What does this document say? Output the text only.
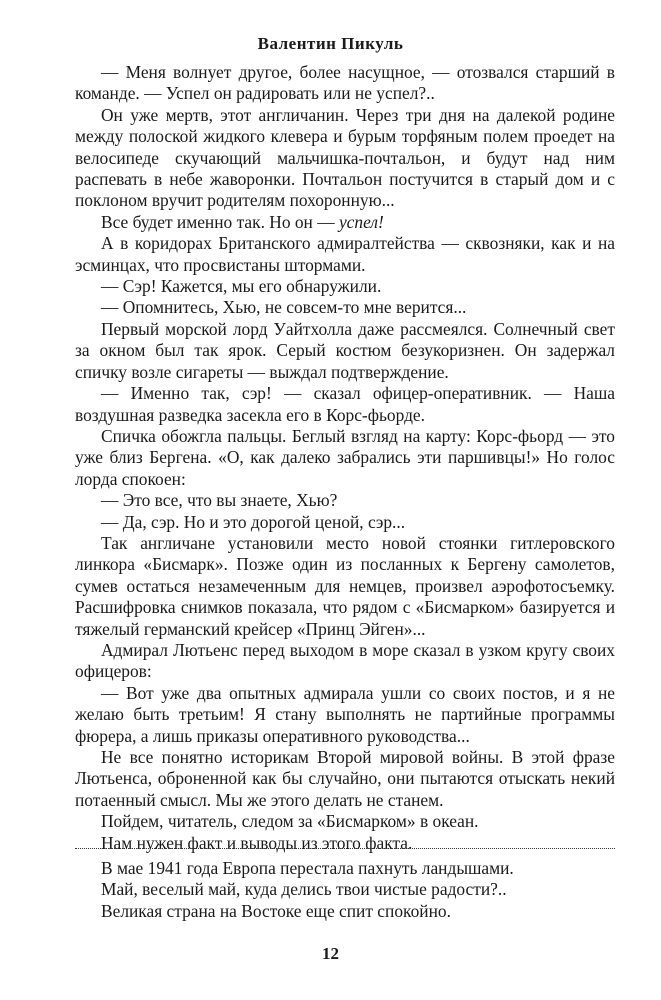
Валентин Пикуль

— Меня волнует другое, более насущное, — отозвался старший в команде. — Успел он радировать или не успел?..

Он уже мертв, этот англичанин. Через три дня на далекой родине между полоской жидкого клевера и бурым торфяным полем проедет на велосипеде скучающий мальчишка-почтальон, и будут над ним распевать в небе жаворонки. Почтальон постучится в старый дом и с поклоном вручит родителям похоронную...

Все будет именно так. Но он — успел!

А в коридорах Британского адмиралтейства — сквозняки, как и на эсминцах, что просвистаны штормами.

— Сэр! Кажется, мы его обнаружили.

— Опомнитесь, Хью, не совсем-то мне верится...

Первый морской лорд Уайтхолла даже рассмеялся. Солнечный свет за окном был так ярок. Серый костюм безукоризнен. Он задержал спичку возле сигареты — выждал подтверждение.

— Именно так, сэр! — сказал офицер-оперативник. — Наша воздушная разведка засекла его в Корс-фьорде.

Спичка обожгла пальцы. Беглый взгляд на карту: Корс-фьорд — это уже близ Бергена. «О, как далеко забрались эти паршивцы!» Но голос лорда спокоен:

— Это все, что вы знаете, Хью?

— Да, сэр. Но и это дорогой ценой, сэр...

Так англичане установили место новой стоянки гитлеровского линкора «Бисмарк». Позже один из посланных к Бергену самолетов, сумев остаться незамеченным для немцев, произвел аэрофотосъемку. Расшифровка снимков показала, что рядом с «Бисмарком» базируется и тяжелый германский крейсер «Принц Эйген»...

Адмирал Лютьенс перед выходом в море сказал в узком кругу своих офицеров:

— Вот уже два опытных адмирала ушли со своих постов, и я не желаю быть третьим! Я стану выполнять не партийные программы фюрера, а лишь приказы оперативного руководства...

Не все понятно историкам Второй мировой войны. В этой фразе Лютьенса, оброненной как бы случайно, они пытаются отыскать некий потаенный смысл. Мы же этого делать не станем.

Пойдем, читатель, следом за «Бисмарком» в океан.

Нам нужен факт и выводы из этого факта.

В мае 1941 года Европа перестала пахнуть ландышами.

Май, веселый май, куда делись твои чистые радости?..

Великая страна на Востоке еще спит спокойно.

12
